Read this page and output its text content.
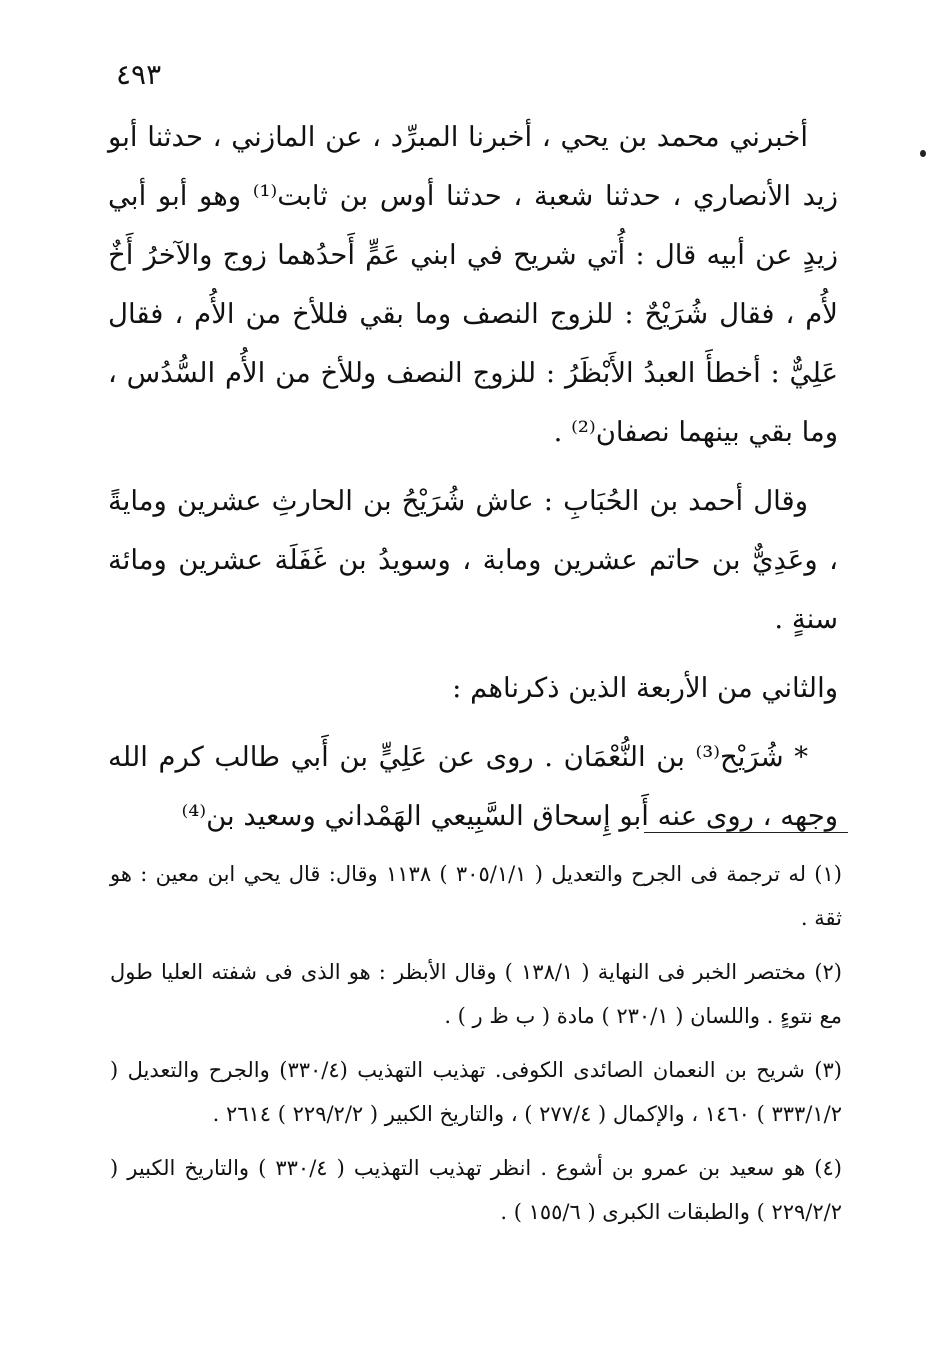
٤٩٣

أخبرني محمد بن يحي ، أخبرنا المبرِّد ، عن المازني ، حدثنا أبو زيد الأنصاري ، حدثنا شعبة ، حدثنا أوس بن ثابت⁽¹⁾ وهو أبو أبي زيدٍ عن أبيه قال : أُتي شريح في ابني عَمٍّ أَحدُهما زوج والآخرُ أَخٌ لأُم ، فقال شُرَيْحٌ : للزوج النصف وما بقي فللأخ من الأُم ، فقال عَلِيٌّ : أخطأَ العبدُ الأَبْظَرُ : للزوج النصف وللأخ من الأُم السُّدُس ، وما بقي بينهما نصفان⁽²⁾ .

وقال أحمد بن الحُبَابِ : عاش شُرَيْحُ بن الحارثِ عشرين ومايةً ، وعَدِيٌّ بن حاتم عشرين ومابة ، وسويدُ بن غَفَلَة عشرين ومائة سنةٍ .

والثاني من الأربعة الذين ذكرناهم :

* شُرَيْح⁽³⁾ بن النُّعْمَان . روى عن عَلِيٍّ بن أَبي طالب كرم الله وجهه ، روى عنه أَبو إِسحاق السَّبِيعي الهَمْداني وسعيد بن⁽⁴⁾

(١) له ترجمة فى الجرح والتعديل ( ٣٠٥/١/١ ) ١١٣٨ وقال: قال يحي ابن معين : هو ثقة .

(٢) مختصر الخبر فى النهاية ( ١٣٨/١ ) وقال الأبظر : هو الذى فى شفته العليا طول مع نتوءٍ . واللسان ( ٢٣٠/١ ) مادة ( ب ظ ر ) .

(٣) شريح بن النعمان الصائدى الكوفى. تهذيب التهذيب (٣٣٠/٤) والجرح والتعديل ( ٣٣٣/١/٢ ) ١٤٦٠ ، والإكمال ( ٢٧٧/٤ ) ، والتاريخ الكبير ( ٢٢٩/٢/٢ ) ٢٦١٤ .

(٤) هو سعيد بن عمرو بن أشوع . انظر تهذيب التهذيب ( ٣٣٠/٤ ) والتاريخ الكبير ( ٢٢٩/٢/٢ ) والطبقات الكبرى ( ١٥٥/٦ ) .
